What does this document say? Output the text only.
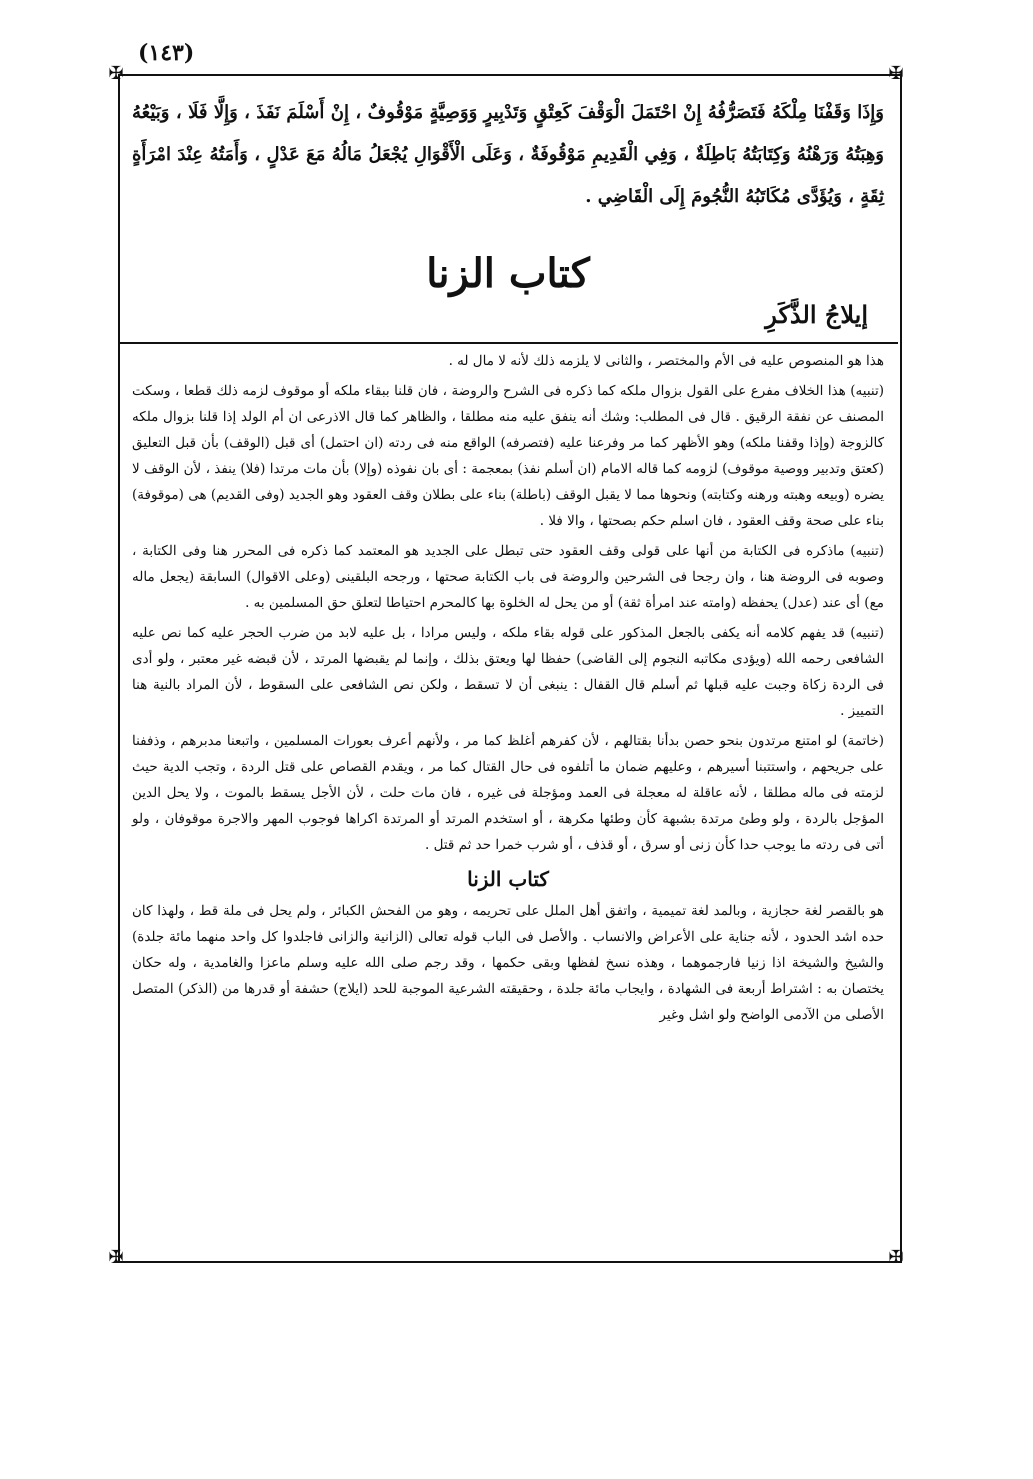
(١٤٣)
✠	✠
✠	✠

وَإِذَا وَقَفْنَا مِلْكَهُ فَتَصَرُّفُهُ إِنْ احْتَمَلَ الْوَقْفَ كَعِتْقٍ وَتَدْبِيرٍ وَوَصِيَّةٍ مَوْقُوفٌ ، إِنْ أَسْلَمَ نَفَذَ ، وَإِلَّا فَلَا ، وَبَيْعُهُ وَهِبَتُهُ وَرَهْنُهُ وَكِتَابَتُهُ بَاطِلَةٌ ، وَفِي الْقَدِيمِ مَوْقُوفَةٌ ، وَعَلَى الْأَقْوَالِ يُجْعَلُ مَالُهُ مَعَ عَدْلٍ ، وَأَمَتُهُ عِنْدَ امْرَأَةٍ ثِقَةٍ ، وَيُؤَدَّى مُكَاتَبُهُ النُّجُومَ إِلَى الْقَاضِي .

كتاب الزنا
إيلاجُ الذَّكَرِ

هذا هو المنصوص عليه فى الأم والمختصر ، والثانى لا يلزمه ذلك لأنه لا مال له .

(تنبيه) هذا الخلاف مفرع على القول بزوال ملكه كما ذكره فى الشرح والروضة ، فان قلنا ببقاء ملكه أو موقوف لزمه ذلك قطعا ، وسكت المصنف عن نفقة الرقيق . قال فى المطلب: وشك أنه ينفق عليه منه مطلقا ، والظاهر كما قال الاذرعى ان أم الولد إذا قلنا بزوال ملكه كالزوجة (وإذا وقفنا ملكه) وهو الأظهر كما مر وفرعنا عليه (فتصرفه) الواقع منه فى ردته (ان احتمل) أى قبل (الوقف) بأن قبل التعليق (كعتق وتدبير ووصية موقوف) لزومه كما قاله الامام (ان أسلم نفذ) بمعجمة : أى بان نفوذه (وإلا) بأن مات مرتدا (فلا) ينفذ ، لأن الوقف لا يضره (وبيعه وهبته ورهنه وكتابته) ونحوها مما لا يقبل الوقف (باطلة) بناء على بطلان وقف العقود وهو الجديد (وفى القديم) هى (موقوفة) بناء على صحة وقف العقود ، فان اسلم حكم بصحتها ، والا فلا .

(تنبيه) ماذكره فى الكتابة من أنها على قولى وقف العقود حتى تبطل على الجديد هو المعتمد كما ذكره فى المحرر هنا وفى الكتابة ، وصوبه فى الروضة هنا ، وان رجحا فى الشرحين والروضة فى باب الكتابة صحتها ، ورجحه البلقينى (وعلى الاقوال) السابقة (يجعل ماله مع) أى عند (عدل) يحفظه (وامته عند امرأة ثقة) أو من يحل له الخلوة بها كالمحرم احتياطا لتعلق حق المسلمين به .

(تنبيه) قد يفهم كلامه أنه يكفى بالجعل المذكور على قوله بقاء ملكه ، وليس مرادا ، بل عليه لابد من ضرب الحجر عليه كما نص عليه الشافعى رحمه الله (ويؤدى مكاتبه النجوم إلى القاضى) حفظا لها ويعتق بذلك ، وإنما لم يقبضها المرتد ، لأن قبضه غير معتبر ، ولو أدى فى الردة زكاة وجبت عليه قبلها ثم أسلم قال القفال : ينبغى أن لا تسقط ، ولكن نص الشافعى على السقوط ، لأن المراد بالنية هنا التمييز .

(خاتمة) لو امتنع مرتدون بنحو حصن بدأنا بقتالهم ، لأن كفرهم أغلظ كما مر ، ولأنهم أعرف بعورات المسلمين ، واتبعنا مدبرهم ، وذففنا على جريحهم ، واستتبنا أسيرهم ، وعليهم ضمان ما أتلفوه فى حال القتال كما مر ، ويقدم القصاص على قتل الردة ، وتجب الدية حيث لزمته فى ماله مطلقا ، لأنه عاقلة له معجلة فى العمد ومؤجلة فى غيره ، فان مات حلت ، لأن الأجل يسقط بالموت ، ولا يحل الدين المؤجل بالردة ، ولو وطئ مرتدة بشبهة كأن وطئها مكرهة ، أو استخدم المرتد أو المرتدة اكراها فوجوب المهر والاجرة موقوفان ، ولو أتى فى ردته ما يوجب حدا كأن زنى أو سرق ، أو قذف ، أو شرب خمرا حد ثم قتل .

كتاب الزنا

هو بالقصر لغة حجازية ، وبالمد لغة تميمية ، واتفق أهل الملل على تحريمه ، وهو من الفحش الكبائر ، ولم يحل فى ملة قط ، ولهذا كان حده اشد الحدود ، لأنه جناية على الأعراض والانساب . والأصل فى الباب قوله تعالى (الزانية والزانى فاجلدوا كل واحد منهما مائة جلدة) والشيخ والشيخة اذا زنيا فارجموهما ، وهذه نسخ لفظها وبقى حكمها ، وقد رجم صلى الله عليه وسلم ماعزا والغامدية ، وله حكان يختصان به : اشتراط أربعة فى الشهادة ، وايجاب مائة جلدة ، وحقيقته الشرعية الموجبة للحد (ايلاج) حشفة أو قدرها من (الذكر) المتصل الأصلى من الآدمى الواضح ولو اشل وغير
